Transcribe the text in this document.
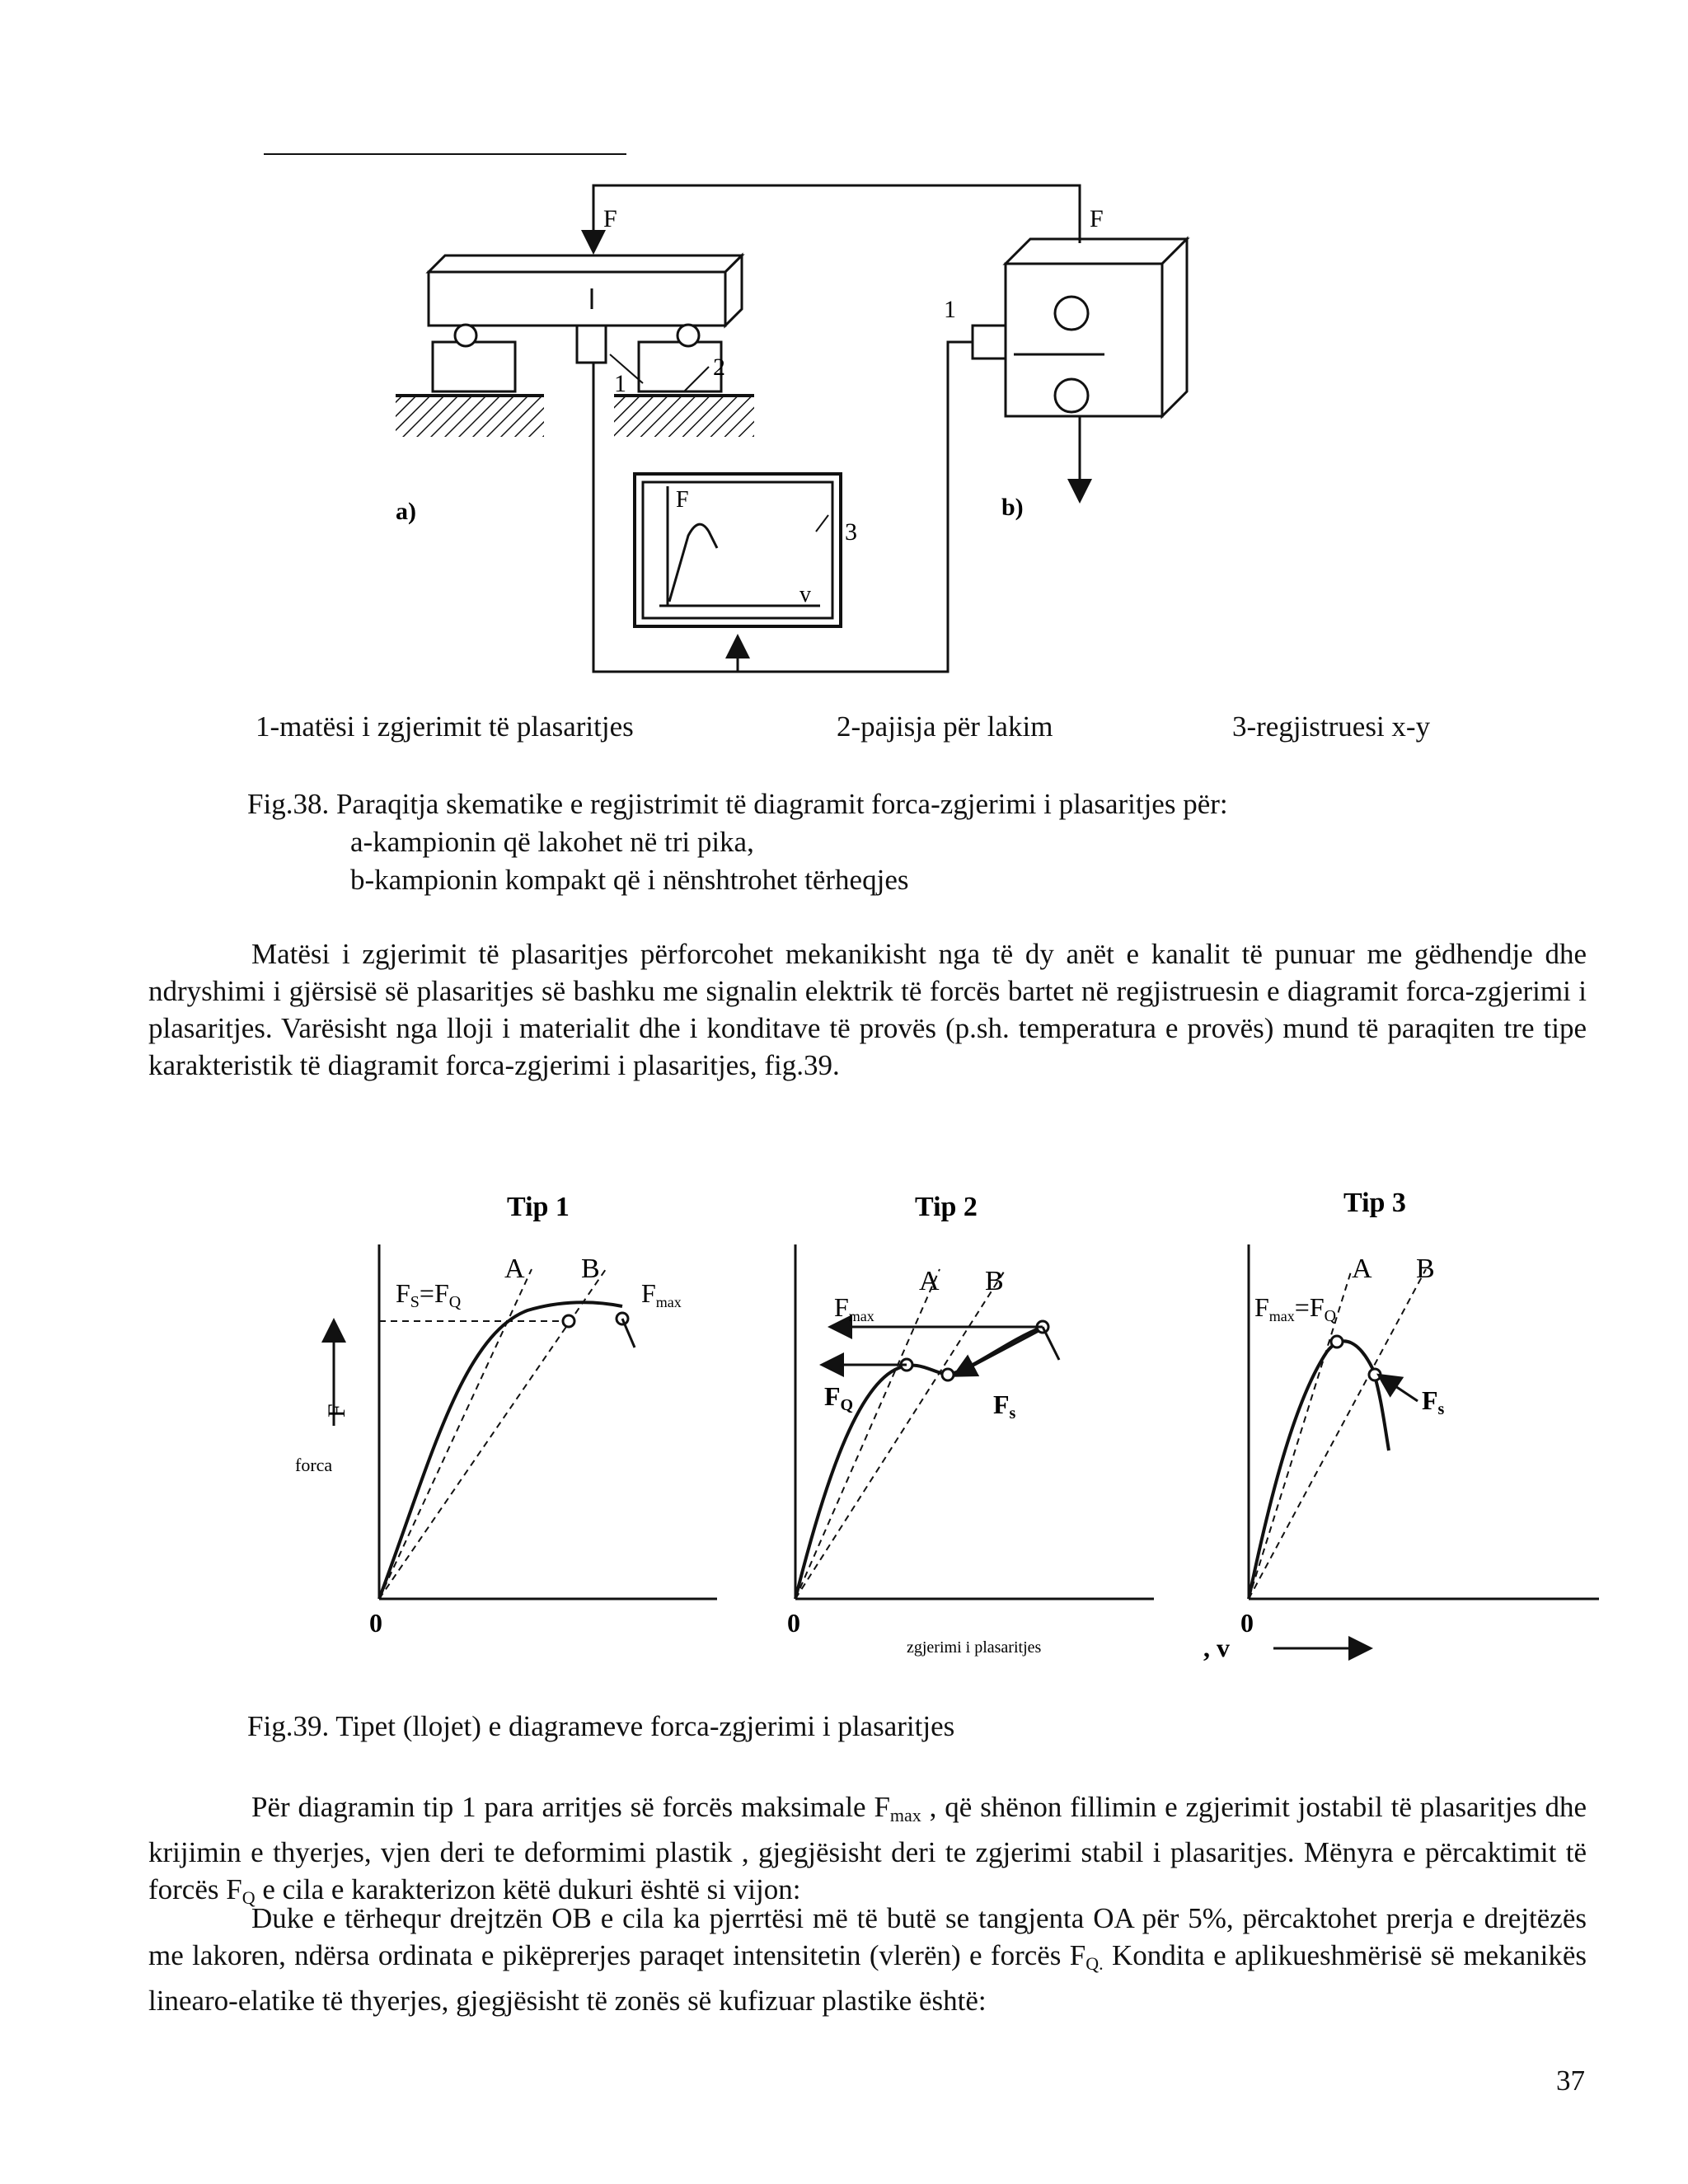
F	F
1
1
2
3
a)	b)
F
v
1-matësi i zgjerimit të plasaritjes	2-pajisja për lakim	3-regjistruesi x-y
Fig.38. Paraqitja skematike e regjistrimit të diagramit forca-zgjerimi i plasaritjes për:
a-kampionin që lakohet në tri pika,
b-kampionin kompakt që i nënshtrohet tërheqjes
Matësi i zgjerimit të plasaritjes përforcohet mekanikisht nga të dy anët e kanalit të punuar me gëdhendje dhe ndryshimi i gjërsisë së plasaritjes së bashku me signalin elektrik të forcës bartet në regjistruesin e diagramit forca-zgjerimi i plasaritjes. Varësisht nga lloji i materialit dhe i konditave të provës (p.sh. temperatura e provës) mund të paraqiten tre tipe karakteristik të diagramit forca-zgjerimi i plasaritjes, fig.39.
Tip 1	Tip 2	Tip 3
F
forca
A B
FS=FQ	Fmax
0
A B
Fmax
FQ	Fs
0
zgjerimi i plasaritjes
A B
Fmax=FQ
Fs
0
, v
Fig.39. Tipet (llojet) e diagrameve forca-zgjerimi i plasaritjes
Për diagramin tip 1 para arritjes së forcës maksimale $F_{max}$ , që shënon fillimin e zgjerimit jostabil të plasaritjes dhe krijimin e thyerjes, vjen deri te deformimi plastik , gjegjësisht deri te zgjerimi stabil i plasaritjes. Mënyra e përcaktimit të forcës $F_Q$ e cila e karakterizon këtë dukuri është si vijon:
Duke e tërhequr drejtzën OB e cila ka pjerrtësi më të butë se tangjenta OA për 5%, përcaktohet prerja e drejtëzës me lakoren, ndërsa ordinata e pikëprerjes paraqet intensitetin (vlerën) e forcës $F_{Q.}$ Kondita e aplikueshmërisë së mekanikës linearo-elatike të thyerjes, gjegjësisht të zonës së kufizuar plastike është:
37
